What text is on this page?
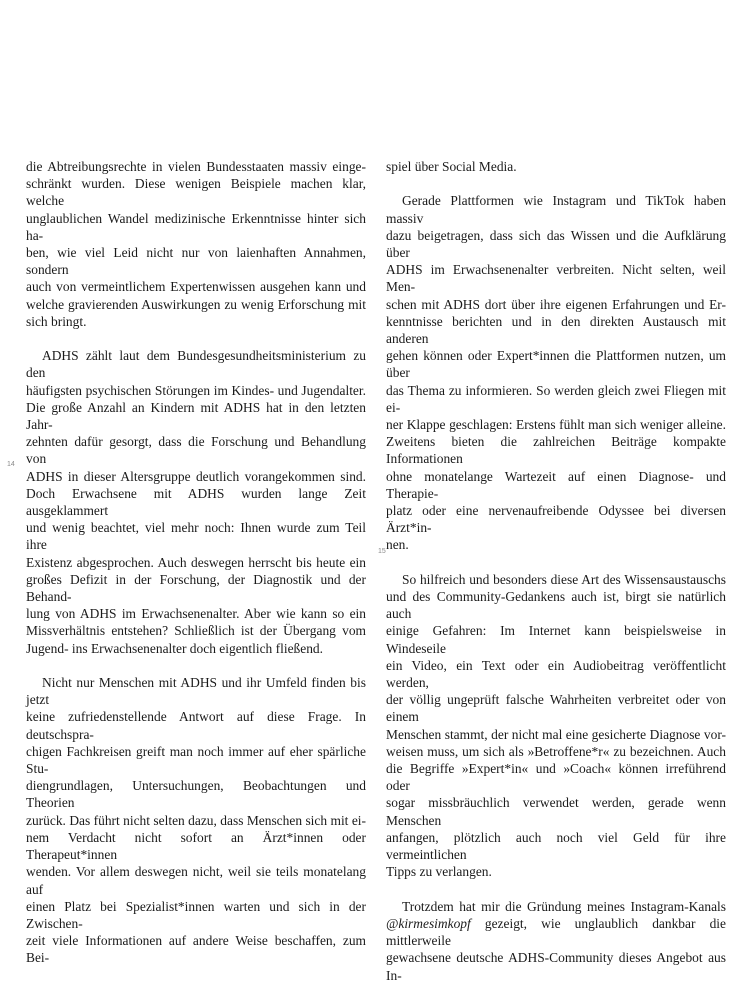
14
15
die Abtreibungsrechte in vielen Bundesstaaten massiv einge-
schränkt wurden. Diese wenigen Beispiele machen klar, welche
unglaublichen Wandel medizinische Erkenntnisse hinter sich ha-
ben, wie viel Leid nicht nur von laienhaften Annahmen, sondern
auch von vermeintlichem Expertenwissen ausgehen kann und
welche gravierenden Auswirkungen zu wenig Erforschung mit
sich bringt.
ADHS zählt laut dem Bundesgesundheitsministerium zu den
häufigsten psychischen Störungen im Kindes- und Jugendalter.
Die große Anzahl an Kindern mit ADHS hat in den letzten Jahr-
zehnten dafür gesorgt, dass die Forschung und Behandlung von
ADHS in dieser Altersgruppe deutlich vorangekommen sind.
Doch Erwachsene mit ADHS wurden lange Zeit ausgeklammert
und wenig beachtet, viel mehr noch: Ihnen wurde zum Teil ihre
Existenz abgesprochen. Auch deswegen herrscht bis heute ein
großes Defizit in der Forschung, der Diagnostik und der Behand-
lung von ADHS im Erwachsenenalter. Aber wie kann so ein
Missverhältnis entstehen? Schließlich ist der Übergang vom
Jugend- ins Erwachsenenalter doch eigentlich fließend.
Nicht nur Menschen mit ADHS und ihr Umfeld finden bis jetzt
keine zufriedenstellende Antwort auf diese Frage. In deutschspra-
chigen Fachkreisen greift man noch immer auf eher spärliche Stu-
diengrundlagen, Untersuchungen, Beobachtungen und Theorien
zurück. Das führt nicht selten dazu, dass Menschen sich mit ei-
nem Verdacht nicht sofort an Ärzt*innen oder Therapeut*innen
wenden. Vor allem deswegen nicht, weil sie teils monatelang auf
einen Platz bei Spezialist*innen warten und sich in der Zwischen-
zeit viele Informationen auf andere Weise beschaffen, zum Bei-
spiel über Social Media.
Gerade Plattformen wie Instagram und TikTok haben massiv
dazu beigetragen, dass sich das Wissen und die Aufklärung über
ADHS im Erwachsenenalter verbreiten. Nicht selten, weil Men-
schen mit ADHS dort über ihre eigenen Erfahrungen und Er-
kenntnisse berichten und in den direkten Austausch mit anderen
gehen können oder Expert*innen die Plattformen nutzen, um über
das Thema zu informieren. So werden gleich zwei Fliegen mit ei-
ner Klappe geschlagen: Erstens fühlt man sich weniger alleine.
Zweitens bieten die zahlreichen Beiträge kompakte Informationen
ohne monatelange Wartezeit auf einen Diagnose- und Therapie-
platz oder eine nervenaufreibende Odyssee bei diversen Ärzt*in-
nen.
So hilfreich und besonders diese Art des Wissensaustauschs
und des Community-Gedankens auch ist, birgt sie natürlich auch
einige Gefahren: Im Internet kann beispielsweise in Windeseile
ein Video, ein Text oder ein Audiobeitrag veröffentlicht werden,
der völlig ungeprüft falsche Wahrheiten verbreitet oder von einem
Menschen stammt, der nicht mal eine gesicherte Diagnose vor-
weisen muss, um sich als »Betroffene*r« zu bezeichnen. Auch
die Begriffe »Expert*in« und »Coach« können irreführend oder
sogar missbräuchlich verwendet werden, gerade wenn Menschen
anfangen, plötzlich auch noch viel Geld für ihre vermeintlichen
Tipps zu verlangen.
Trotzdem hat mir die Gründung meines Instagram-Kanals
@kirmesimkopf gezeigt, wie unglaublich dankbar die mittlerweile
gewachsene deutsche ADHS-Community dieses Angebot aus In-
